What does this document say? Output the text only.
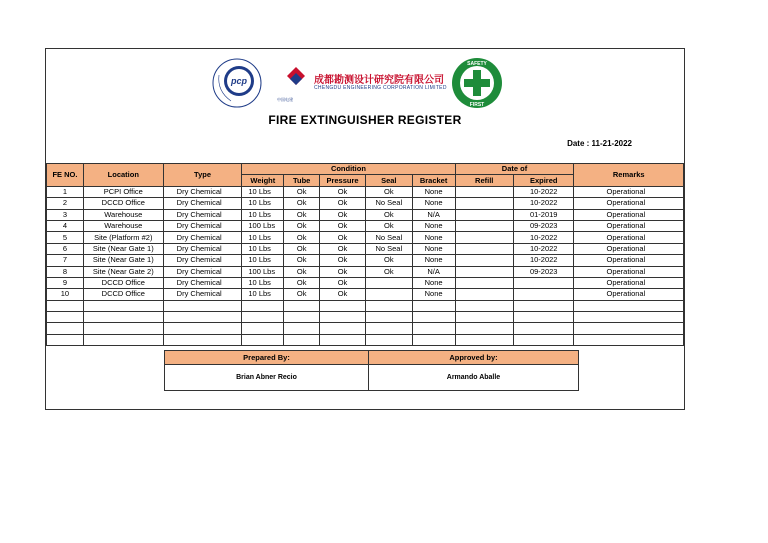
pcp	成都勘测设计研究院有限公司
CHENGDU ENGINEERING CORPORATION LIMITED
中国电建
SAFETY
FIRST
FIRE EXTINGUISHER REGISTER
Date : 11-21-2022
FE NO.	Location	Type	Condition					Date of		Remarks
			Weight	Tube	Pressure	Seal	Bracket	Refill	Expired	
1	PCPI Office	Dry Chemical	10 Lbs	Ok	Ok	Ok	None		10-2022	Operational
2	DCCD Office	Dry Chemical	10 Lbs	Ok	Ok	No Seal	None		10-2022	Operational
3	Warehouse	Dry Chemical	10 Lbs	Ok	Ok	Ok	N/A		01-2019	Operational
4	Warehouse	Dry Chemical	100 Lbs	Ok	Ok	Ok	None		09-2023	Operational
5	Site (Platform #2)	Dry Chemical	10 Lbs	Ok	Ok	No Seal	None		10-2022	Operational
6	Site (Near Gate 1)	Dry Chemical	10 Lbs	Ok	Ok	No Seal	None		10-2022	Operational
7	Site (Near Gate 1)	Dry Chemical	10 Lbs	Ok	Ok	Ok	None		10-2022	Operational
8	Site (Near Gate 2)	Dry Chemical	100 Lbs	Ok	Ok	Ok	N/A		09-2023	Operational
9	DCCD Office	Dry Chemical	10 Lbs	Ok	Ok		None			Operational
10	DCCD Office	Dry Chemical	10 Lbs	Ok	Ok		None			Operational

Prepared By:	Approved by:
Brian Abner Recio	Armando Aballe
